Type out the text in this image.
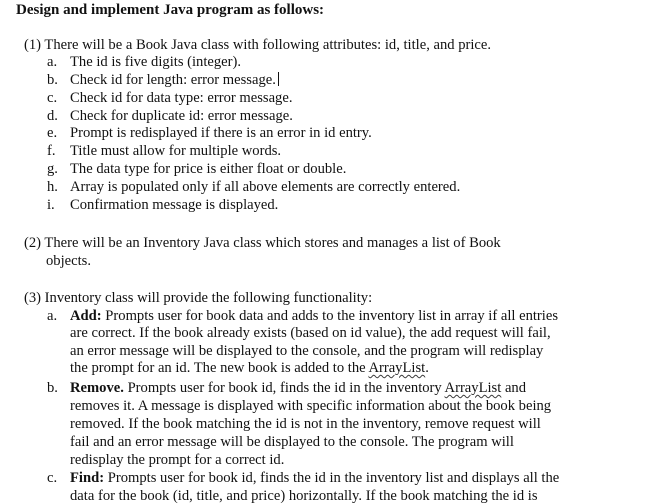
Design and implement Java program as follows:
(1) There will be a Book Java class with following attributes: id, title, and price.
a. The id is five digits (integer).
b. Check id for length: error message.
c. Check id for data type: error message.
d. Check for duplicate id: error message.
e. Prompt is redisplayed if there is an error in id entry.
f. Title must allow for multiple words.
g. The data type for price is either float or double.
h. Array is populated only if all above elements are correctly entered.
i. Confirmation message is displayed.
(2) There will be an Inventory Java class which stores and manages a list of Book
objects.
(3) Inventory class will provide the following functionality:
a. Add: Prompts user for book data and adds to the inventory list in array if all entries
are correct. If the book already exists (based on id value), the add request will fail,
an error message will be displayed to the console, and the program will redisplay
the prompt for an id. The new book is added to the ArrayList.
b. Remove. Prompts user for book id, finds the id in the inventory ArrayList and
removes it. A message is displayed with specific information about the book being
removed. If the book matching the id is not in the inventory, remove request will
fail and an error message will be displayed to the console. The program will
redisplay the prompt for a correct id.
c. Find: Prompts user for book id, finds the id in the inventory list and displays all the
data for the book (id, title, and price) horizontally. If the book matching the id is
